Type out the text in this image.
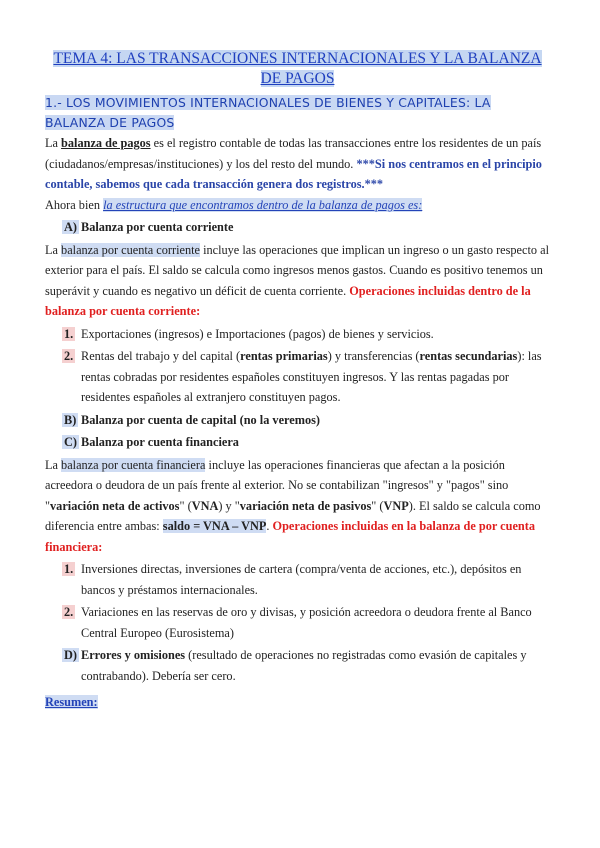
TEMA 4: LAS TRANSACCIONES INTERNACIONALES Y LA BALANZA DE PAGOS
1.- LOS MOVIMIENTOS INTERNACIONALES DE BIENES Y CAPITALES: LA BALANZA DE PAGOS

La balanza de pagos es el registro contable de todas las transacciones entre los residentes de un país (ciudadanos/empresas/instituciones) y los del resto del mundo. ***Si nos centramos en el principio contable, sabemos que cada transacción genera dos registros.***

Ahora bien la estructura que encontramos dentro de la balanza de pagos es:

A) Balanza por cuenta corriente

La balanza por cuenta corriente incluye las operaciones que implican un ingreso o un gasto respecto al exterior para el país. El saldo se calcula como ingresos menos gastos. Cuando es positivo tenemos un superávit y cuando es negativo un déficit de cuenta corriente. Operaciones incluidas dentro de la balanza por cuenta corriente:

1. Exportaciones (ingresos) e Importaciones (pagos) de bienes y servicios.
2. Rentas del trabajo y del capital (rentas primarias) y transferencias (rentas secundarias): las rentas cobradas por residentes españoles constituyen ingresos. Y las rentas pagadas por residentes españoles al extranjero constituyen pagos.
B) Balanza por cuenta de capital (no la veremos)
C) Balanza por cuenta financiera

La balanza por cuenta financiera incluye las operaciones financieras que afectan a la posición acreedora o deudora de un país frente al exterior. No se contabilizan "ingresos" y "pagos" sino "variación neta de activos" (VNA) y "variación neta de pasivos" (VNP). El saldo se calcula como diferencia entre ambas: saldo = VNA – VNP. Operaciones incluidas en la balanza de por cuenta financiera:

1. Inversiones directas, inversiones de cartera (compra/venta de acciones, etc.), depósitos en bancos y préstamos internacionales.
2. Variaciones en las reservas de oro y divisas, y posición acreedora o deudora frente al Banco Central Europeo (Eurosistema)
D) Errores y omisiones (resultado de operaciones no registradas como evasión de capitales y contrabando). Debería ser cero.

Resumen:
